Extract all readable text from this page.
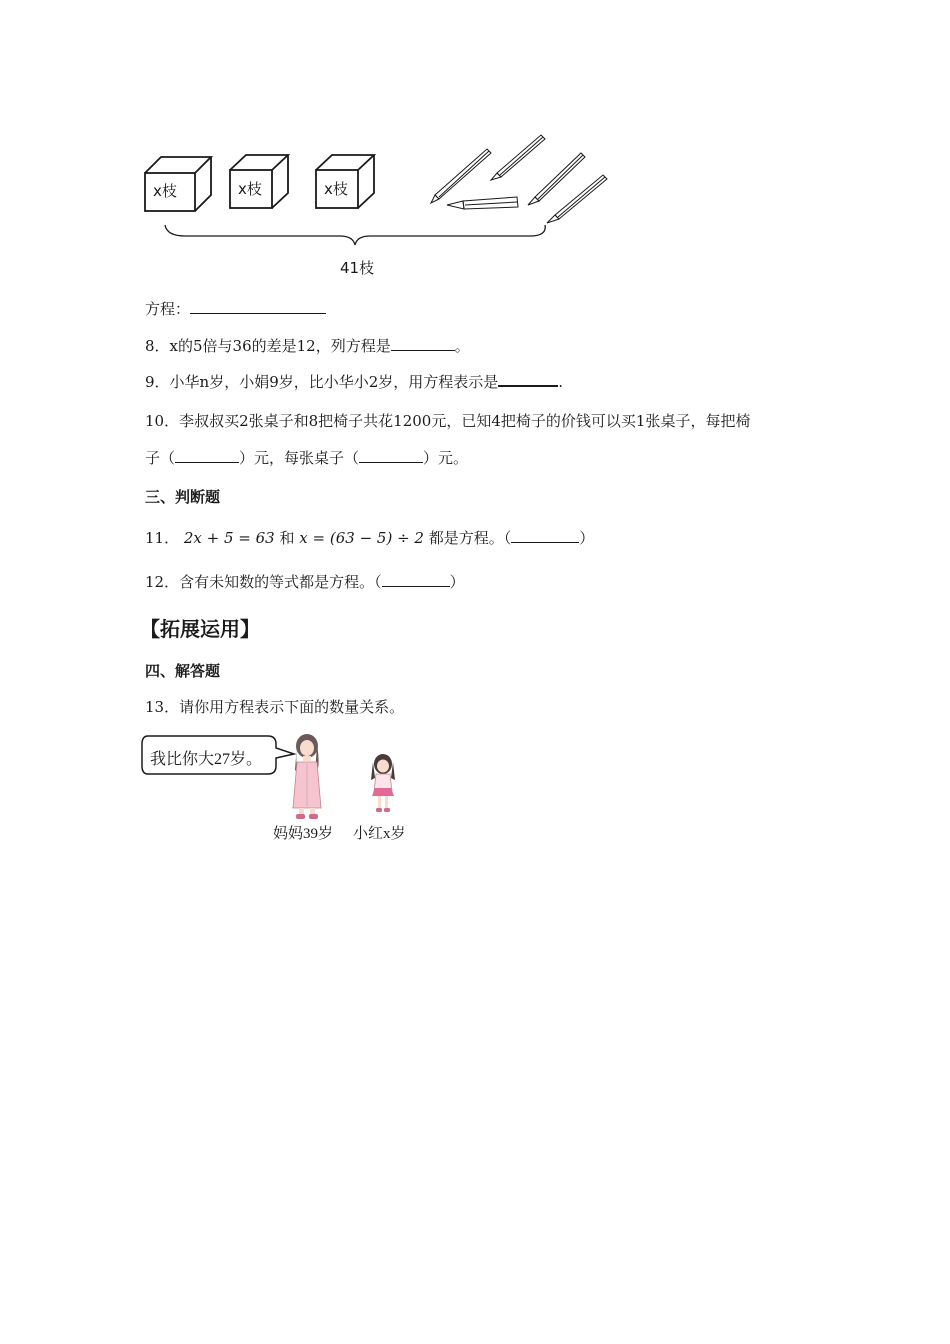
x枝	x枝	x枝
41枝
方程：
8．x的5倍与36的差是12，列方程是	。
9．小华n岁，小娟9岁，比小华小2岁，用方程表示是	.
10．李叔叔买2张桌子和8把椅子共花1200元，已知4把椅子的价钱可以买1张桌子，每把椅
子（	）元，每张桌子（	）元。
三、判断题
11． 2x + 5 = 63 和 x = (63 − 5) ÷ 2 都是方程。（	）
12．含有未知数的等式都是方程。（	）
【拓展运用】
四、解答题
13．请你用方程表示下面的数量关系。
我比你大27岁。
妈妈39岁 小红x岁
